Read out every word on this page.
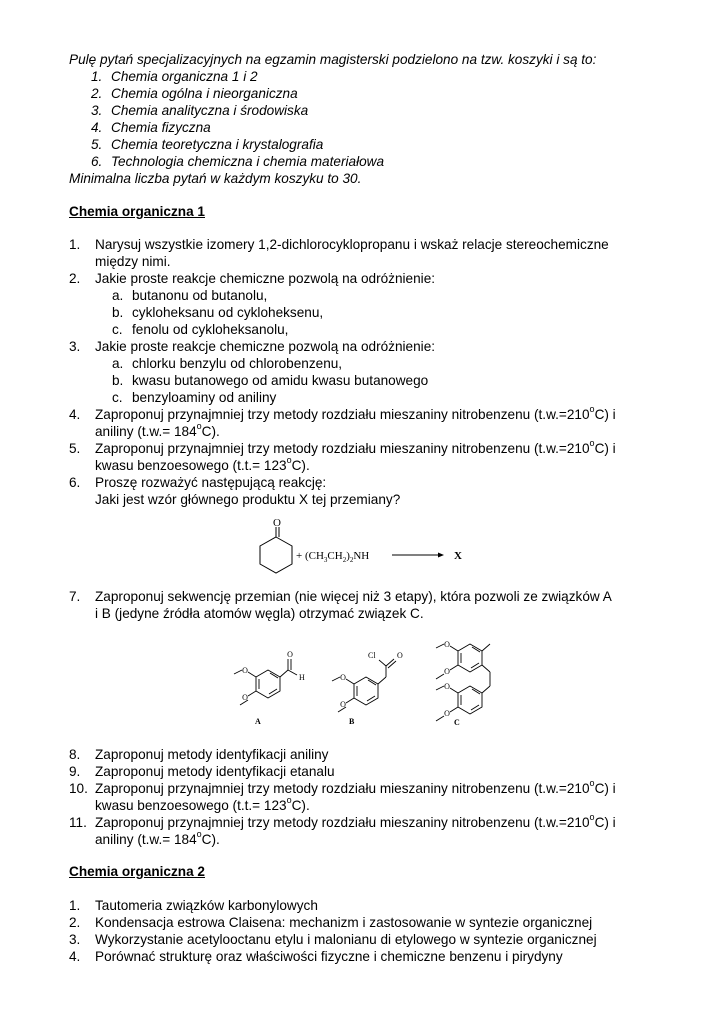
Pulę pytań specjalizacyjnych na egzamin magisterski podzielono na tzw. koszyki i są to:
1. Chemia organiczna 1 i 2
2. Chemia ogólna i nieorganiczna
3. Chemia analityczna i środowiska
4. Chemia fizyczna
5. Chemia teoretyczna i krystalografia
6. Technologia chemiczna i chemia materiałowa
Minimalna liczba pytań w każdym koszyku to 30.
Chemia organiczna 1
1.	Narysuj wszystkie izomery 1,2-dichlorocyklopropanu i wskaż relacje stereochemiczne
między nimi.
2.	Jakie proste reakcje chemiczne pozwolą na odróżnienie:
a. butanonu od butanolu,
b. cykloheksanu od cykloheksenu,
c. fenolu od cykloheksanolu,
3.	Jakie proste reakcje chemiczne pozwolą na odróżnienie:
a. chlorku benzylu od chlorobenzenu,
b. kwasu butanowego od amidu kwasu butanowego
c. benzyloaminy od aniliny
4.	Zaproponuj przynajmniej trzy metody rozdziału mieszaniny nitrobenzenu $(t.w.=210^oC)$ i
aniliny $(t.w.= 184^oC)$.
5.	Zaproponuj przynajmniej trzy metody rozdziału mieszaniny nitrobenzenu $(t.w.=210^oC)$ i
kwasu benzoesowego $(t.t.= 123^oC)$.
6.	Proszę rozważyć następującą reakcję:
Jaki jest wzór głównego produktu X tej przemiany?
O
+ $(CH_3CH_2)_2NH$	X
7.	Zaproponuj sekwencję przemian (nie więcej niż 3 etapy), która pozwoli ze związków A
i B (jedyne źródła atomów węgla) otrzymać związek C.
O
H
O
O
A
O
Cl
O
O
B
O
O
O
O
C
8.	Zaproponuj metody identyfikacji aniliny
9.	Zaproponuj metody identyfikacji etanalu
10. Zaproponuj przynajmniej trzy metody rozdziału mieszaniny nitrobenzenu $(t.w.=210^oC)$ i
kwasu benzoesowego $(t.t.= 123^oC)$.
11. Zaproponuj przynajmniej trzy metody rozdziału mieszaniny nitrobenzenu $(t.w.=210^oC)$ i
aniliny $(t.w.= 184^oC)$.
Chemia organiczna 2
1.	Tautomeria związków karbonylowych
2.	Kondensacja estrowa Claisena: mechanizm i zastosowanie w syntezie organicznej
3.	Wykorzystanie acetylooctanu etylu i malonianu di etylowego w syntezie organicznej
4.	Porównać strukturę oraz właściwości fizyczne i chemiczne benzenu i pirydyny
